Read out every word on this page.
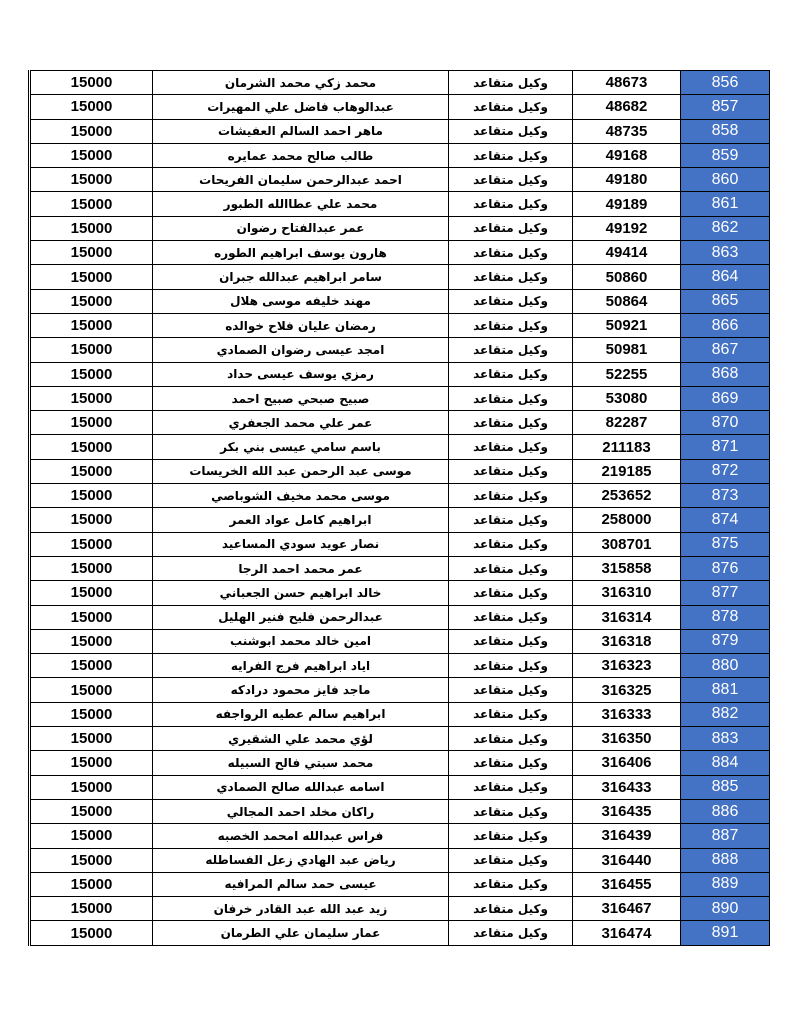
15000	محمد زكي محمد الشرمان	وكيل متقاعد	48673	856
15000	عبدالوهاب فاضل علي المهيرات	وكيل متقاعد	48682	857
15000	ماهر احمد السالم العفيشات	وكيل متقاعد	48735	858
15000	طالب صالح محمد عمايره	وكيل متقاعد	49168	859
15000	احمد عبدالرحمن سليمان الفريحات	وكيل متقاعد	49180	860
15000	محمد علي عطاالله الطبور	وكيل متقاعد	49189	861
15000	عمر عبدالفتاح رضوان	وكيل متقاعد	49192	862
15000	هارون يوسف ابراهيم الطوره	وكيل متقاعد	49414	863
15000	سامر ابراهيم عبدالله جبران	وكيل متقاعد	50860	864
15000	مهند خليفه موسى هلال	وكيل متقاعد	50864	865
15000	رمضان عليان فلاح خوالده	وكيل متقاعد	50921	866
15000	امجد عيسى رضوان الصمادي	وكيل متقاعد	50981	867
15000	رمزي يوسف عيسى حداد	وكيل متقاعد	52255	868
15000	صبيح صبحي صبيح احمد	وكيل متقاعد	53080	869
15000	عمر علي محمد الجعفري	وكيل متقاعد	82287	870
15000	باسم سامي عيسى بني بكر	وكيل متقاعد	211183	871
15000	موسى عبد الرحمن عبد الله الخريسات	وكيل متقاعد	219185	872
15000	موسى محمد مخيف الشوباصي	وكيل متقاعد	253652	873
15000	ابراهيم كامل عواد العمر	وكيل متقاعد	258000	874
15000	نصار عويد سودي المساعيد	وكيل متقاعد	308701	875
15000	عمر محمد احمد الرجا	وكيل متقاعد	315858	876
15000	خالد ابراهيم حسن الجعباني	وكيل متقاعد	316310	877
15000	عبدالرحمن فليح فنير الهليل	وكيل متقاعد	316314	878
15000	امين خالد محمد ابوشنب	وكيل متقاعد	316318	879
15000	اياد ابراهيم فرج الفرايه	وكيل متقاعد	316323	880
15000	ماجد فايز محمود درادكه	وكيل متقاعد	316325	881
15000	ابراهيم سالم عطيه الرواجفه	وكيل متقاعد	316333	882
15000	لؤي محمد علي الشقيري	وكيل متقاعد	316350	883
15000	محمد سبتي فالح السبيله	وكيل متقاعد	316406	884
15000	اسامه عبدالله صالح الصمادي	وكيل متقاعد	316433	885
15000	راكان مخلد احمد المجالي	وكيل متقاعد	316435	886
15000	فراس عبدالله امحمد الخصبه	وكيل متقاعد	316439	887
15000	رياض عبد الهادي زعل الفساطله	وكيل متقاعد	316440	888
15000	عيسى حمد سالم المرافيه	وكيل متقاعد	316455	889
15000	زيد عبد الله عبد القادر خرفان	وكيل متقاعد	316467	890
15000	عمار سليمان علي الطرمان	وكيل متقاعد	316474	891
